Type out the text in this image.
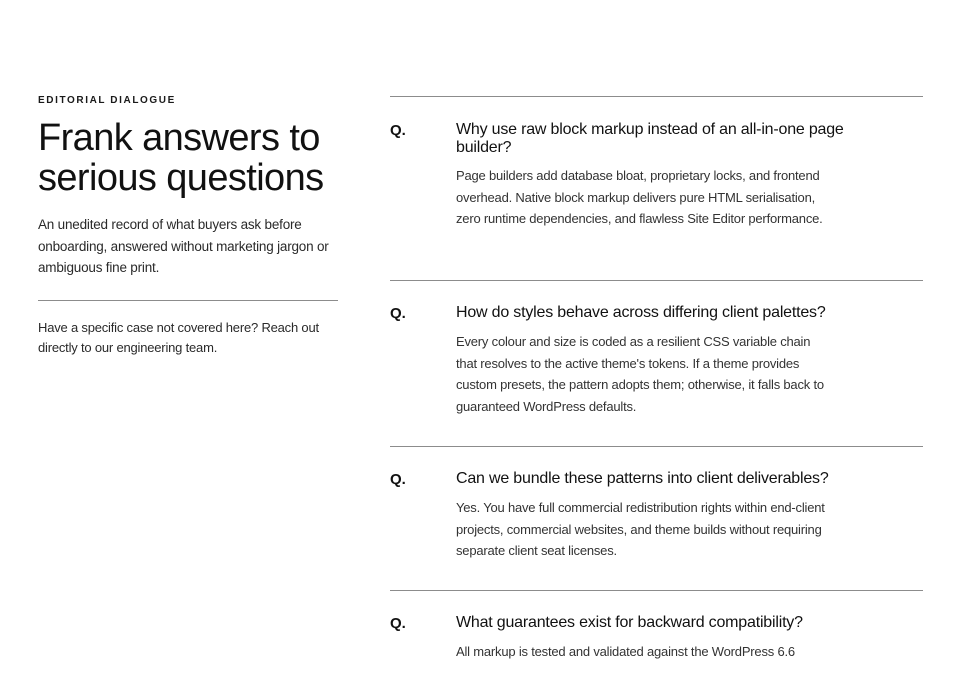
EDITORIAL DIALOGUE
Frank answers to serious questions

An unedited record of what buyers ask before onboarding, answered without marketing jargon or ambiguous fine print.

Have a specific case not covered here? Reach out directly to our engineering team.

Q.	Why use raw block markup instead of an all-in-one page builder?
Page builders add database bloat, proprietary locks, and frontend overhead. Native block markup delivers pure HTML serialisation, zero runtime dependencies, and flawless Site Editor performance.
Q.	How do styles behave across differing client palettes?
Every colour and size is coded as a resilient CSS variable chain that resolves to the active theme's tokens. If a theme provides custom presets, the pattern adopts them; otherwise, it falls back to guaranteed WordPress defaults.
Q.	Can we bundle these patterns into client deliverables?
Yes. You have full commercial redistribution rights within end-client projects, commercial websites, and theme builds without requiring separate client seat licenses.
Q.	What guarantees exist for backward compatibility?
All markup is tested and validated against the WordPress 6.6
